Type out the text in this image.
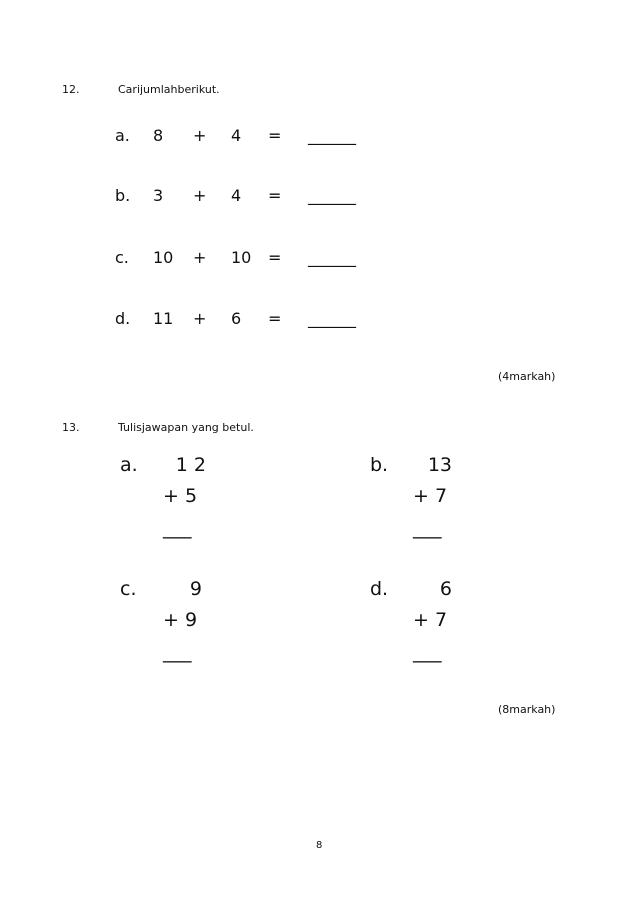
12.	Carijumlahberikut.
a. 8 + 4 = ______
b. 3 + 4 = ______
c. 10 + 10 = ______
d. 11 + 6 = ______
(4markah)
13.	Tulisjawapan yang betul.
a.	1 2
+ 5
___
b.	13
+ 7
___
c.	9
+ 9
___
d.	6
+ 7
___
(8markah)
8
